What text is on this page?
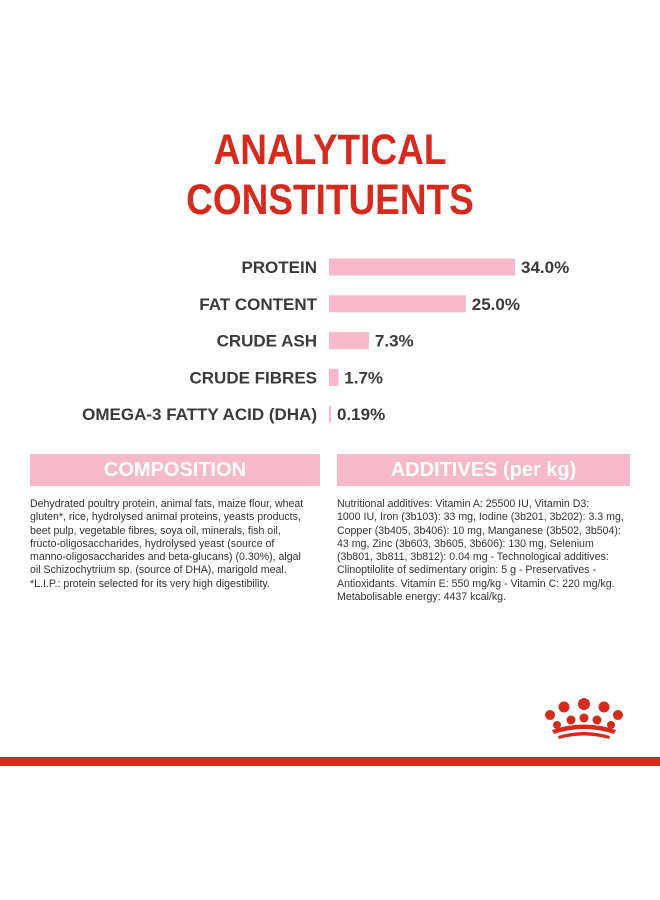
ANALYTICAL
CONSTITUENTS
PROTEIN	34.0%
FAT CONTENT	25.0%
CRUDE ASH	7.3%
CRUDE FIBRES 1.7%
OMEGA-3 FATTY ACID (DHA) 0.19%
COMPOSITION	ADDITIVES (per kg)
Dehydrated poultry protein, animal fats, maize flour, wheat
gluten*, rice, hydrolysed animal proteins, yeasts products,
beet pulp, vegetable fibres, soya oil, minerals, fish oil,
fructo-oligosaccharides, hydrolysed yeast (source of
manno-oligosaccharides and beta-glucans) (0.30%), algal
oil Schizochytrium sp. (source of DHA), marigold meal.
*L.I.P.: protein selected for its very high digestibility.
Nutritional additives: Vitamin A: 25500 IU, Vitamin D3:
1000 IU, Iron (3b103): 33 mg, Iodine (3b201, 3b202): 3.3 mg,
Copper (3b405, 3b406): 10 mg, Manganese (3b502, 3b504):
43 mg, Zinc (3b603, 3b605, 3b606): 130 mg, Selenium
(3b801, 3b811, 3b812): 0.04 mg - Technological additives:
Clinoptilolite of sedimentary origin: 5 g - Preservatives -
Antioxidants. Vitamin E: 550 mg/kg - Vitamin C: 220 mg/kg.
Metabolisable energy: 4437 kcal/kg.
